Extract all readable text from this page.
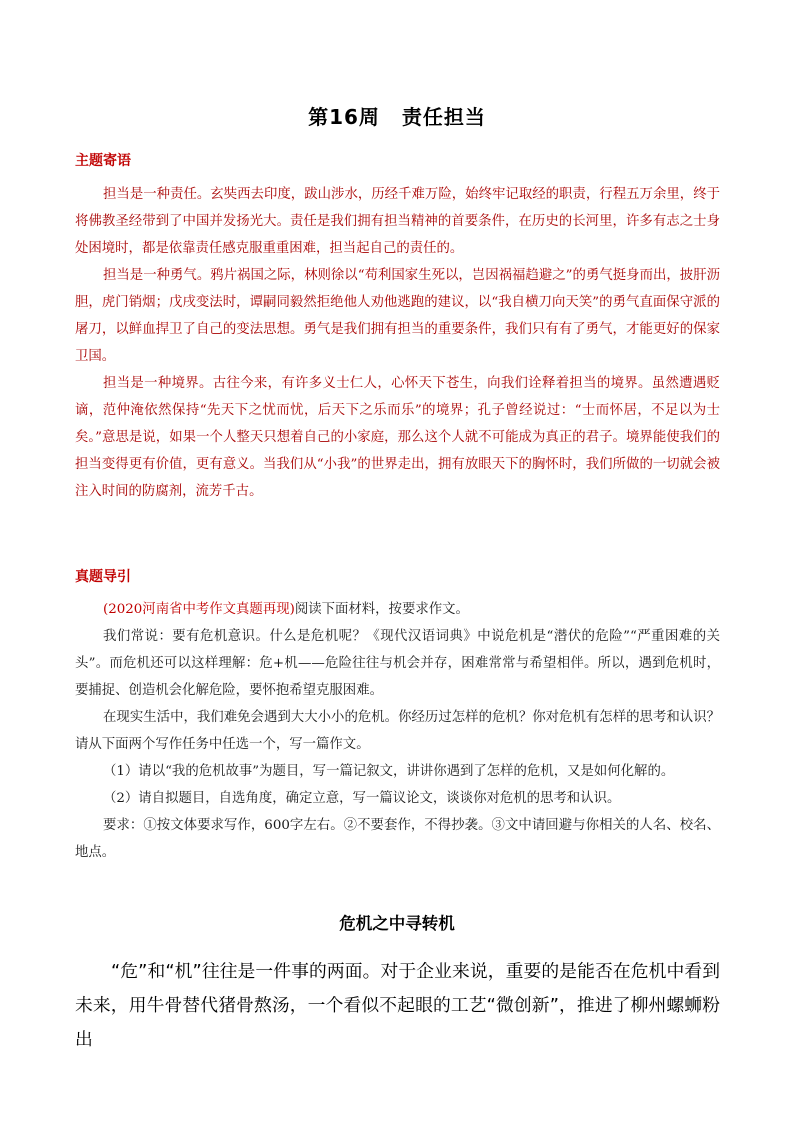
第16周 责任担当
主题寄语

担当是一种责任。玄奘西去印度，跋山涉水，历经千难万险，始终牢记取经的职责，行程五万余里，终于将佛教圣经带到了中国并发扬光大。责任是我们拥有担当精神的首要条件，在历史的长河里，许多有志之士身处困境时，都是依靠责任感克服重重困难，担当起自己的责任的。

担当是一种勇气。鸦片祸国之际，林则徐以“苟利国家生死以，岂因祸福趋避之”的勇气挺身而出，披肝沥胆，虎门销烟；戊戌变法时，谭嗣同毅然拒绝他人劝他逃跑的建议，以“我自横刀向天笑”的勇气直面保守派的屠刀，以鲜血捍卫了自己的变法思想。勇气是我们拥有担当的重要条件，我们只有有了勇气，才能更好的保家卫国。

担当是一种境界。古往今来，有许多义士仁人，心怀天下苍生，向我们诠释着担当的境界。虽然遭遇贬谪，范仲淹依然保持“先天下之忧而忧，后天下之乐而乐”的境界；孔子曾经说过：“士而怀居，不足以为士矣。”意思是说，如果一个人整天只想着自己的小家庭，那么这个人就不可能成为真正的君子。境界能使我们的担当变得更有价值，更有意义。当我们从“小我”的世界走出，拥有放眼天下的胸怀时，我们所做的一切就会被注入时间的防腐剂，流芳千古。

真题导引

(2020河南省中考作文真题再现)阅读下面材料，按要求作文。

我们常说：要有危机意识。什么是危机呢？《现代汉语词典》中说危机是“潜伏的危险”“严重困难的关头”。而危机还可以这样理解：危+机——危险往往与机会并存，困难常常与希望相伴。所以，遇到危机时，要捕捉、创造机会化解危险，要怀抱希望克服困难。

在现实生活中，我们难免会遇到大大小小的危机。你经历过怎样的危机？你对危机有怎样的思考和认识？请从下面两个写作任务中任选一个，写一篇作文。

（1）请以“我的危机故事”为题目，写一篇记叙文，讲讲你遇到了怎样的危机，又是如何化解的。

（2）请自拟题目，自选角度，确定立意，写一篇议论文，谈谈你对危机的思考和认识。

要求：①按文体要求写作，600字左右。②不要套作，不得抄袭。③文中请回避与你相关的人名、校名、地点。

危机之中寻转机

“危”和“机”往往是一件事的两面。对于企业来说，重要的是能否在危机中看到未来，用牛骨替代猪骨熬汤，一个看似不起眼的工艺“微创新”，推进了柳州螺蛳粉出
